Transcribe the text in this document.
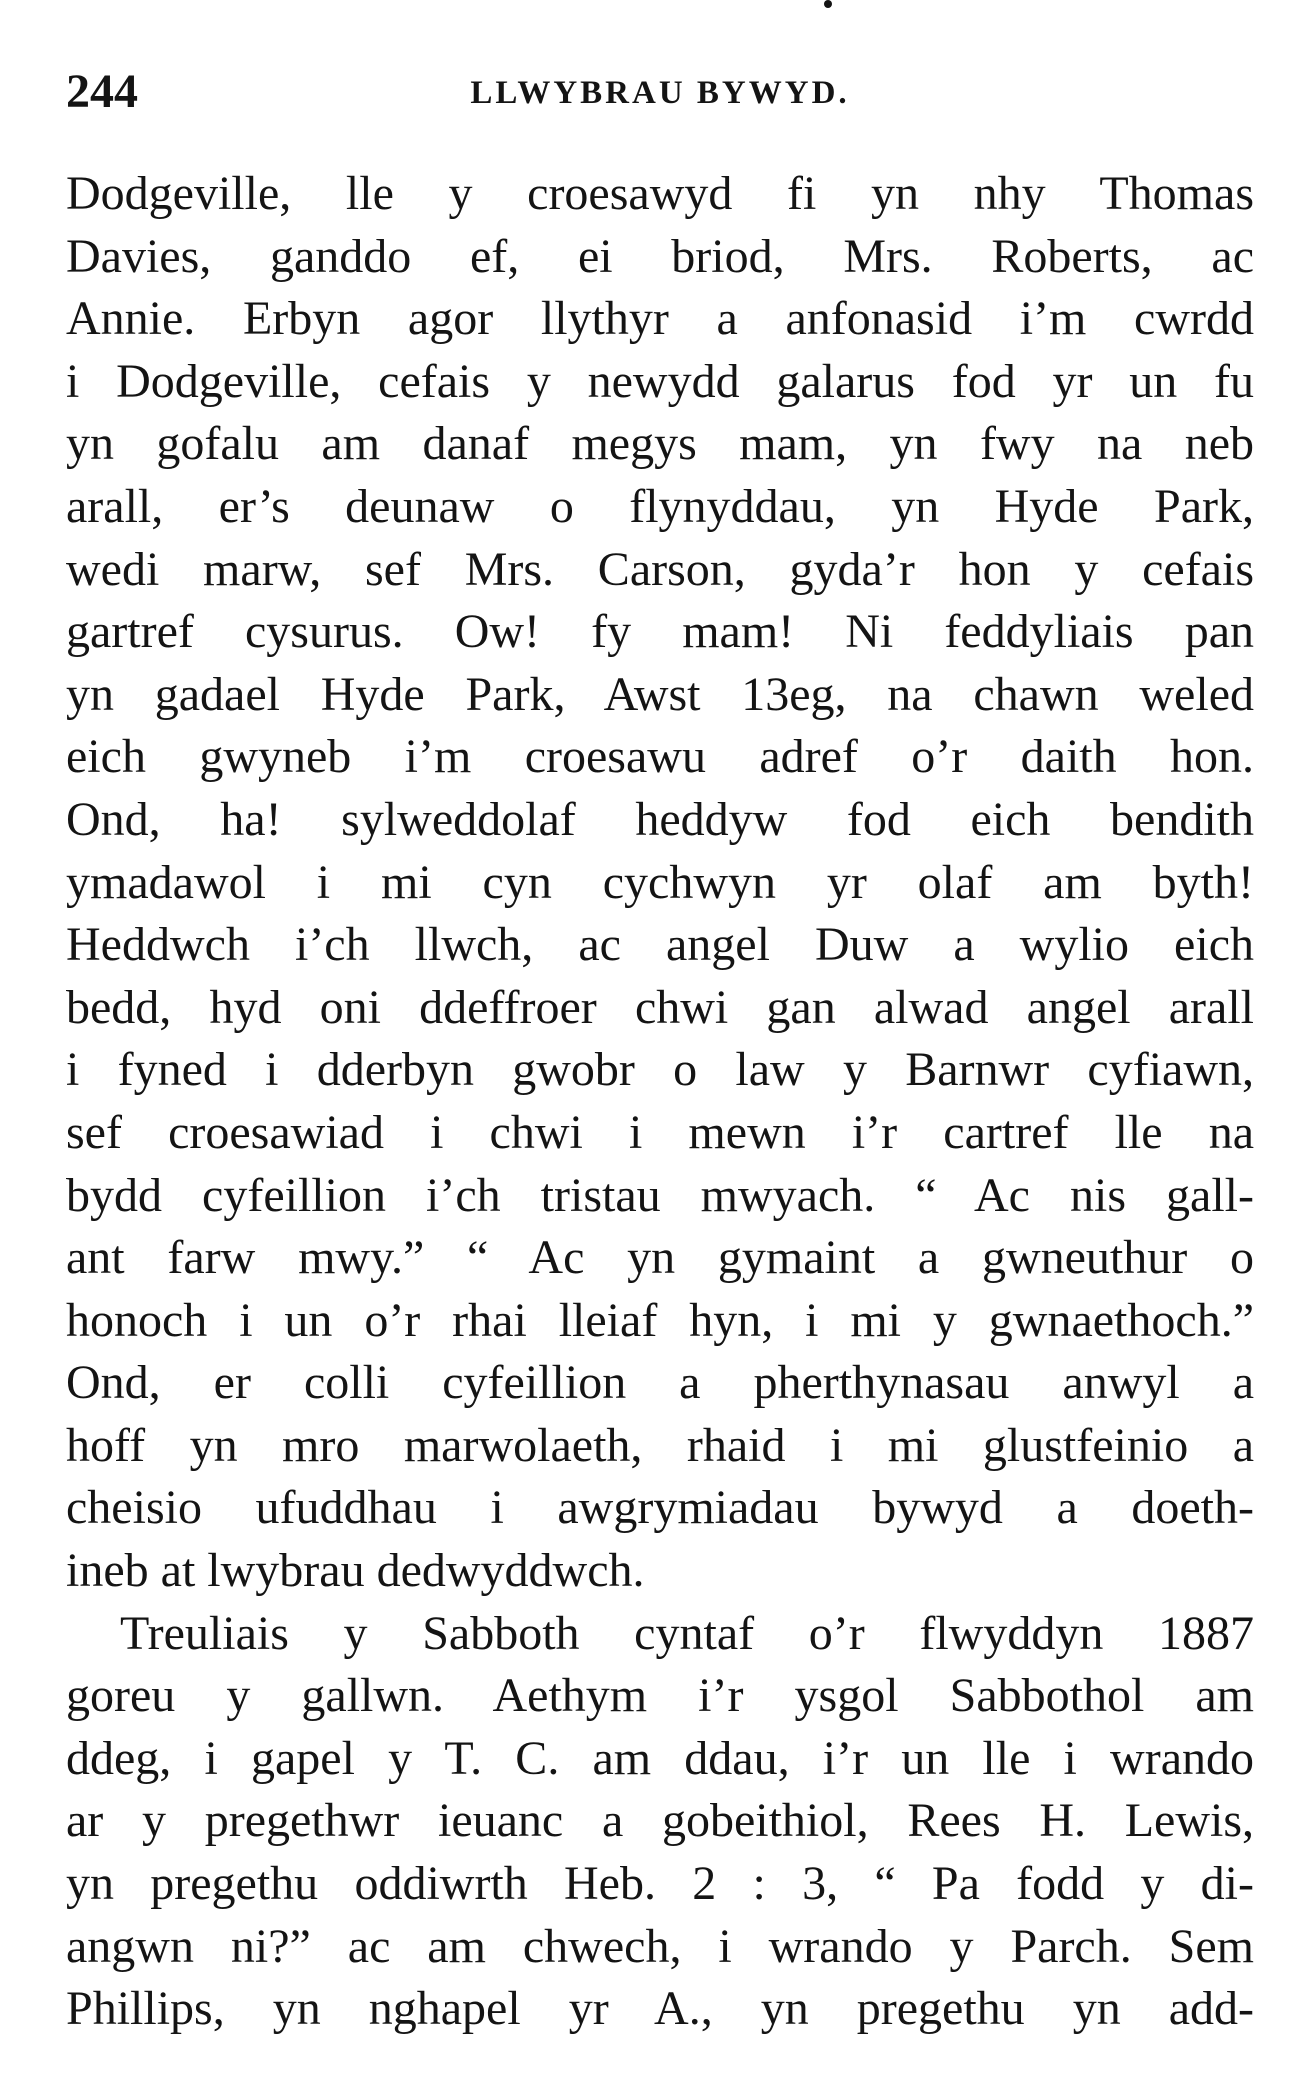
244	LLWYBRAU BYWYD.
Dodgeville, lle y croesawyd fi yn nhy Thomas
Davies, ganddo ef, ei briod, Mrs. Roberts, ac
Annie. Erbyn agor llythyr a anfonasid i’m cwrdd
i Dodgeville, cefais y newydd galarus fod yr un fu
yn gofalu am danaf megys mam, yn fwy na neb
arall, er’s deunaw o flynyddau, yn Hyde Park,
wedi marw, sef Mrs. Carson, gyda’r hon y cefais
gartref cysurus. Ow! fy mam! Ni feddyliais pan
yn gadael Hyde Park, Awst 13eg, na chawn weled
eich gwyneb i’m croesawu adref o’r daith hon.
Ond, ha! sylweddolaf heddyw fod eich bendith
ymadawol i mi cyn cychwyn yr olaf am byth!
Heddwch i’ch llwch, ac angel Duw a wylio eich
bedd, hyd oni ddeffroer chwi gan alwad angel arall
i fyned i dderbyn gwobr o law y Barnwr cyfiawn,
sef croesawiad i chwi i mewn i’r cartref lle na
bydd cyfeillion i’ch tristau mwyach. “ Ac nis gall-
ant farw mwy.” “ Ac yn gymaint a gwneuthur o
honoch i un o’r rhai lleiaf hyn, i mi y gwnaethoch.”
Ond, er colli cyfeillion a pherthynasau anwyl a
hoff yn mro marwolaeth, rhaid i mi glustfeinio a
cheisio ufuddhau i awgrymiadau bywyd a doeth-
ineb at lwybrau dedwyddwch.
Treuliais y Sabboth cyntaf o’r flwyddyn 1887
goreu y gallwn. Aethym i’r ysgol Sabbothol am
ddeg, i gapel y T. C. am ddau, i’r un lle i wrando
ar y pregethwr ieuanc a gobeithiol, Rees H. Lewis,
yn pregethu oddiwrth Heb. 2 : 3, “ Pa fodd y di-
angwn ni?” ac am chwech, i wrando y Parch. Sem
Phillips, yn nghapel yr A., yn pregethu yn add-
